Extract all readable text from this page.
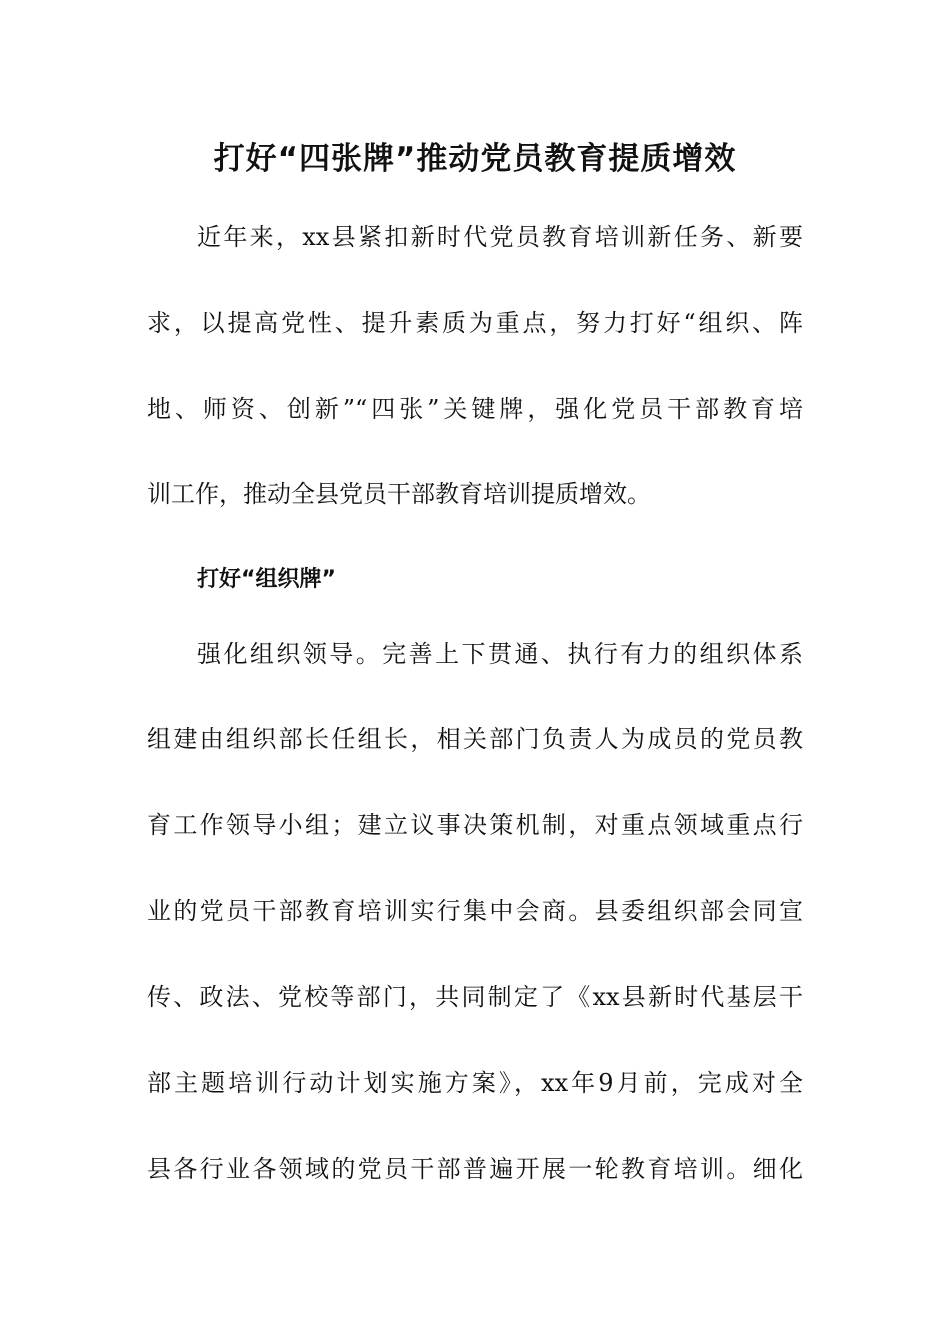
打好“四张牌”推动党员教育提质增效
近年来，xx县紧扣新时代党员教育培训新任务、新要
求，以提高党性、提升素质为重点，努力打好“组织、阵
地、师资、创新”“四张”关键牌，强化党员干部教育培
训工作，推动全县党员干部教育培训提质增效。
打好“组织牌”
强化组织领导。完善上下贯通、执行有力的组织体系
组建由组织部长任组长，相关部门负责人为成员的党员教
育工作领导小组；建立议事决策机制，对重点领域重点行
业的党员干部教育培训实行集中会商。县委组织部会同宣
传、政法、党校等部门，共同制定了《xx县新时代基层干
部主题培训行动计划实施方案》，xx年9月前，完成对全
县各行业各领域的党员干部普遍开展一轮教育培训。细化
